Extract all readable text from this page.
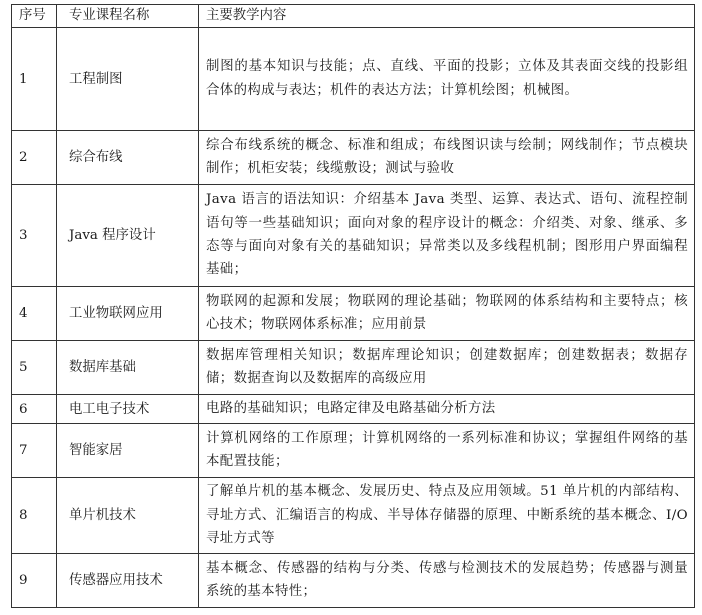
序号	专业课程名称	主要教学内容
1	工程制图	制图的基本知识与技能；点、直线、平面的投影；立体及其表面交线的投影组合体的构成与表达；机件的表达方法；计算机绘图；机械图。
2	综合布线	综合布线系统的概念、标准和组成；布线图识读与绘制；网线制作；节点模块制作；机柜安装；线缆敷设；测试与验收
3	Java 程序设计	Java 语言的语法知识：介绍基本 Java 类型、运算、表达式、语句、流程控制语句等一些基础知识；面向对象的程序设计的概念：介绍类、对象、继承、多态等与面向对象有关的基础知识；异常类以及多线程机制；图形用户界面编程基础；
4	工业物联网应用	物联网的起源和发展；物联网的理论基础；物联网的体系结构和主要特点；核心技术；物联网体系标准；应用前景
5	数据库基础	数据库管理相关知识；数据库理论知识；创建数据库；创建数据表；数据存储；数据查询以及数据库的高级应用
6	电工电子技术	电路的基础知识；电路定律及电路基础分析方法
7	智能家居	计算机网络的工作原理；计算机网络的一系列标准和协议；掌握组件网络的基本配置技能；
8	单片机技术	了解单片机的基本概念、发展历史、特点及应用领域。51 单片机的内部结构、寻址方式、汇编语言的构成、半导体存储器的原理、中断系统的基本概念、I/O 寻址方式等
9	传感器应用技术	基本概念、传感器的结构与分类、传感与检测技术的发展趋势；传感器与测量系统的基本特性；
